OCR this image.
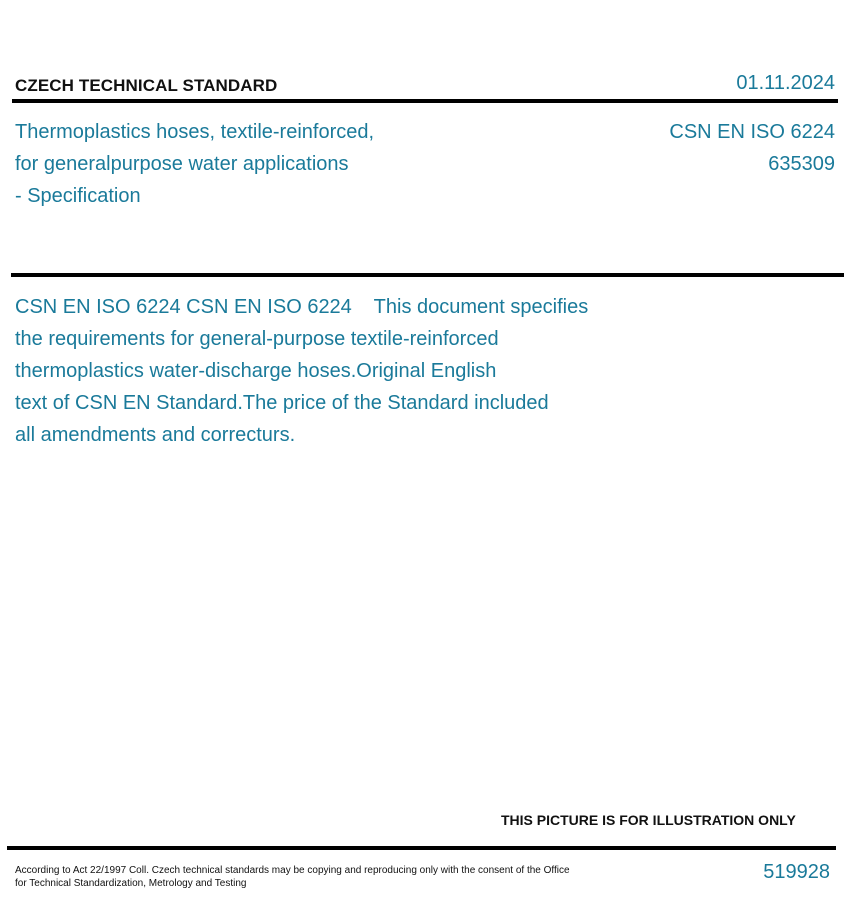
CZECH TECHNICAL STANDARD	01.11.2024
Thermoplastics hoses, textile-reinforced,
for generalpurpose water applications
- Specification
CSN EN ISO 6224
635309
CSN EN ISO 6224 CSN EN ISO 6224    This document specifies
the requirements for general-purpose textile-reinforced
thermoplastics water-discharge hoses.Original English
text of CSN EN Standard.The price of the Standard included
all amendments and correcturs.
THIS PICTURE IS FOR ILLUSTRATION ONLY
According to Act 22/1997 Coll. Czech technical standards may be copying and reproducing only with the consent of the Office
for Technical Standardization, Metrology and Testing
519928
